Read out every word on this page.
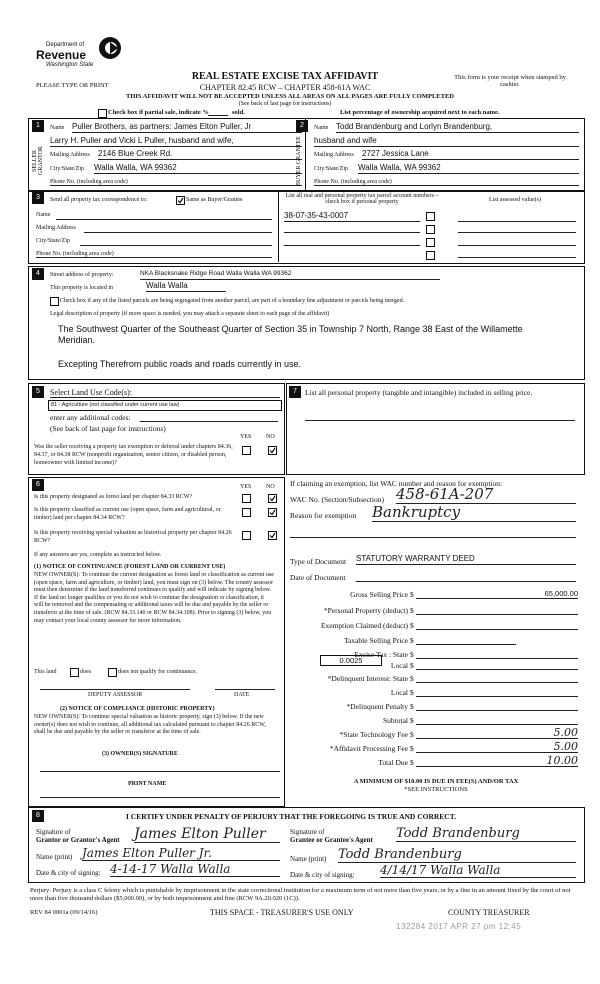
Department of
Revenue
Washington State
PLEASE TYPE OR PRINT
REAL ESTATE EXCISE TAX AFFIDAVIT
CHAPTER 82.45 RCW – CHAPTER 458-61A WAC
THIS AFFIDAVIT WILL NOT BE ACCEPTED UNLESS ALL AREAS ON ALL PAGES ARE FULLY COMPLETED
(See back of last page for instructions)
This form is your receipt when stamped by cashier.
Check box if partial sale, indicate %	sold.	List percentage of ownership acquired next to each name.
1
SELLER GRANTOR
Name Puller Brothers, as partners: James Elton Puller, Jr
Larry H. Puller and Vicki L Puller, husband and wife,
Mailing Address 2146 Blue Creek Rd.
City/State/Zip Walla Walla, WA 99362
Phone No. (including area code)
2
BUYER GRANTEE
Name Todd Brandenburg and Lorlyn Brandenburg,
husband and wife
Mailing Address 2727 Jessica Lane
City/State/Zip Walla Walla, WA 99362
Phone No. (including area code)
3	Send all property tax correspondence to:	Same as Buyer/Grantee
Name
Mailing Address
City/State/Zip
Phone No. (including area code)
List all real and personal property tax parcel account numbers – check box if personal property	List assessed value(s)
38-07-35-43-0007
4	Street address of property:	NKA Blacksnake Ridge Road Walla Walla WA 99362
This property is located in	Walla Walla
Check box if any of the listed parcels are being segregated from another parcel, are part of a boundary line adjustment or parcels being merged.
Legal description of property (if more space is needed, you may attach a separate sheet to each page of the affidavit)
The Southwest Quarter of the Southeast Quarter of Section 35 in Township 7 North, Range 38 East of the Willamette Meridian.
Excepting Therefrom public roads and roads currently in use.
5	Select Land Use Code(s):
81 - Agriculture (not classified under current use law)
enter any additional codes:
(See back of last page for instructions)
YES NO
Was the seller receiving a property tax exemption or deferral under chapters 84.36, 84.37, or 84.38 RCW (nonprofit organization, senior citizen, or disabled person, homeowner with limited income)?
7	List all personal property (tangible and intangible) included in selling price.
6	YES NO
Is this property designated as forest land per chapter 84.33 RCW?
Is this property classified as current use (open space, farm and agricultural, or timber) land per chapter 84.34 RCW?
Is this property receiving special valuation as historical property per chapter 84.26 RCW?
If any answers are yes, complete as instructed below.
(1) NOTICE OF CONTINUANCE (FOREST LAND OR CURRENT USE)
NEW OWNER(S): To continue the current designation as forest land or classification as current use (open space, farm and agriculture, or timber) land, you must sign on (3) below. The county assessor must then determine if the land transferred continues to qualify and will indicate by signing below. If the land no longer qualifies or you do not wish to continue the designation or classification, it will be removed and the compensating or additional taxes will be due and payable by the seller or transferor at the time of sale. (RCW 84.33.140 or RCW 84.34.108). Prior to signing (3) below, you may contact your local county assessor for more information.
This land	does	does not qualify for continuance.
DEPUTY ASSESSOR	DATE
(2) NOTICE OF COMPLIANCE (HISTORIC PROPERTY)
NEW OWNER(S): To continue special valuation as historic property, sign (3) below. If the new owner(s) does not wish to continue, all additional tax calculated pursuant to chapter 84.26 RCW, shall be due and payable by the seller or transferor at the time of sale.
(3) OWNER(S) SIGNATURE
PRINT NAME
If claiming an exemption, list WAC number and reason for exemption:
WAC No. (Section/Subsection) 458-61A-207
Reason for exemption Bankruptcy
Type of Document STATUTORY WARRANTY DEED
Date of Document
Gross Selling Price $	65,000.00
*Personal Property (deduct) $
Exemption Claimed (deduct) $
Taxable Selling Price $
Excise Tax : State $
Local $
*Delinquent Interest: State $
Local $
*Delinquent Penalty $
Subtotal $
*State Technology Fee $	5.00
*Affidavit Processing Fee $	5.00
Total Due $	10.00
0.0025
A MINIMUM OF $10.00 IS DUE IN FEE(S) AND/OR TAX
*SEE INSTRUCTIONS
8	I CERTIFY UNDER PENALTY OF PERJURY THAT THE FOREGOING IS TRUE AND CORRECT.
Signature of
Grantor or Grantor's Agent James Elton Puller
Name (print) James Elton Puller Jr.
Date & city of signing: 4-14-17 Walla Walla
Signature of
Grantee or Grantee's Agent Todd Brandenburg
Name (print) Todd Brandenburg
Date & city of signing: 4/14/17 Walla Walla
Perjury: Perjury is a class C felony which is punishable by imprisonment in the state correctional institution for a maximum term of not more than five years, or by a fine in an amount fixed by the court of not more than five thousand dollars ($5,000.00), or by both imprisonment and fine (RCW 9A.20.020 (1C)).
REV 84 0001a (09/14/16)	THIS SPACE - TREASURER'S USE ONLY	COUNTY TREASURER
132284 2017 APR 27 pm 12:45
